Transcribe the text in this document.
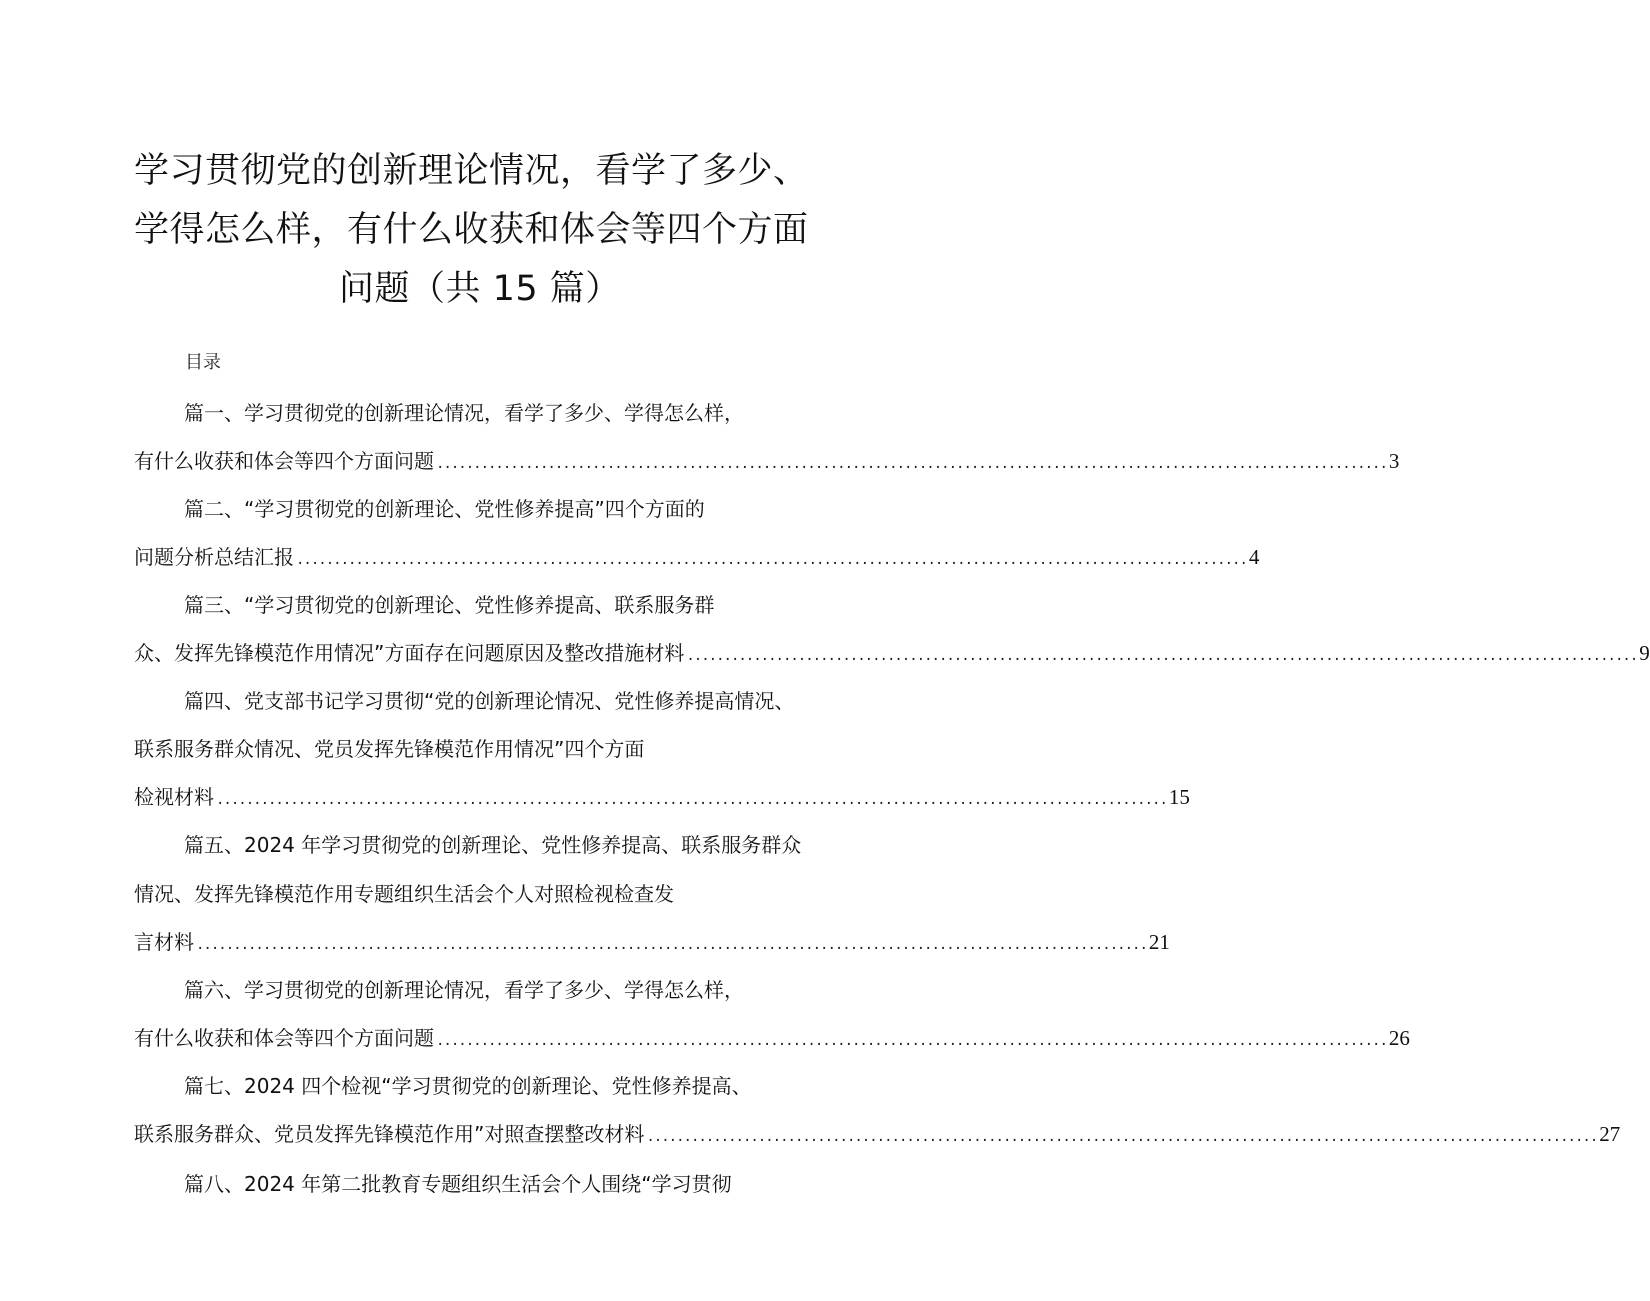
学习贯彻党的创新理论情况，看学了多少、
学得怎么样，有什么收获和体会等四个方面
问题（共 15 篇）
目录
篇一、学习贯彻党的创新理论情况，看学了多少、学得怎么样，
有什么收获和体会等四个方面问题 ................................................................................................................................ 3
篇二、“学习贯彻党的创新理论、党性修养提高”四个方面的
问题分析总结汇报 ................................................................................................................................ 4
篇三、“学习贯彻党的创新理论、党性修养提高、联系服务群
众、发挥先锋模范作用情况”方面存在问题原因及整改措施材料 ................................................................................................................................ 9
篇四、党支部书记学习贯彻“党的创新理论情况、党性修养提高情况、
联系服务群众情况、党员发挥先锋模范作用情况”四个方面
检视材料 ................................................................................................................................ 15
篇五、2024 年学习贯彻党的创新理论、党性修养提高、联系服务群众
情况、发挥先锋模范作用专题组织生活会个人对照检视检查发
言材料 ................................................................................................................................ 21
篇六、学习贯彻党的创新理论情况，看学了多少、学得怎么样，
有什么收获和体会等四个方面问题 ................................................................................................................................ 26
篇七、2024 四个检视“学习贯彻党的创新理论、党性修养提高、
联系服务群众、党员发挥先锋模范作用”对照查摆整改材料 ................................................................................................................................ 27
篇八、2024 年第二批教育专题组织生活会个人围绕“学习贯彻
